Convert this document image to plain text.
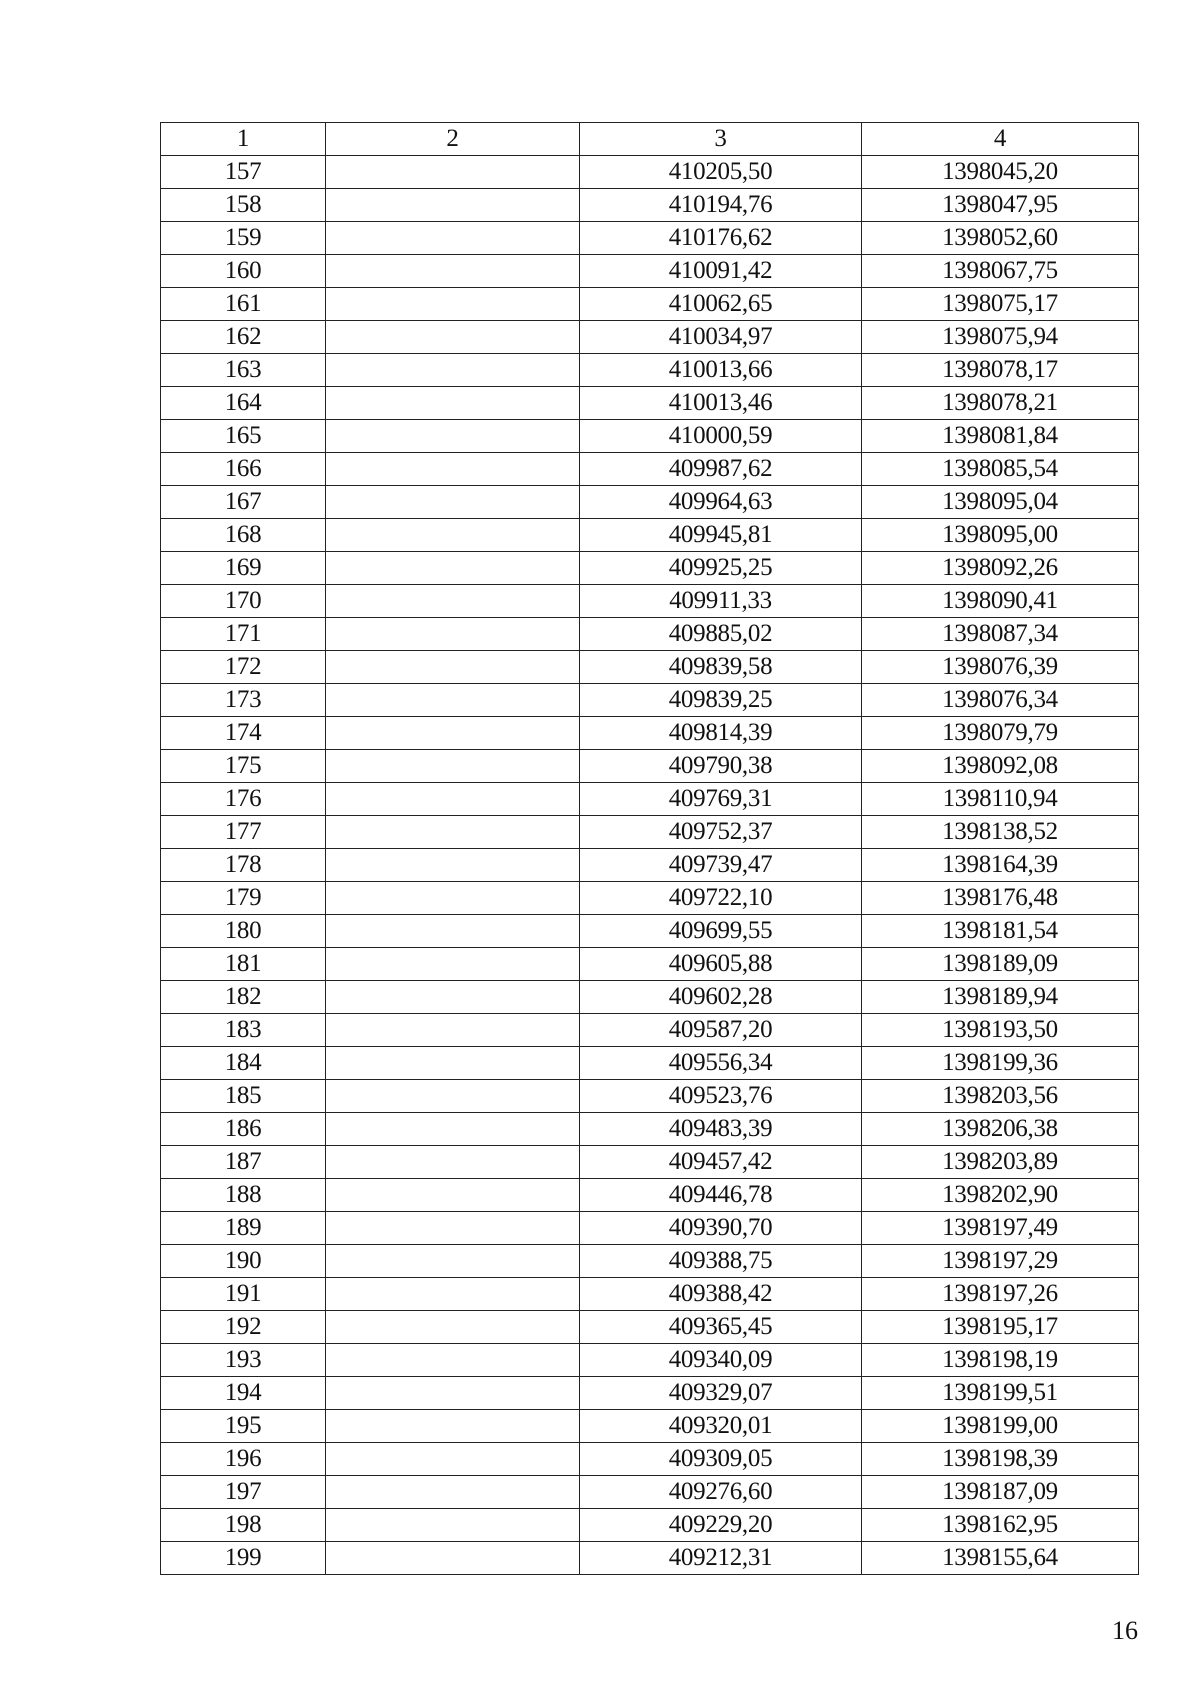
1	2	3	4
157		410205,50	1398045,20
158		410194,76	1398047,95
159		410176,62	1398052,60
160		410091,42	1398067,75
161		410062,65	1398075,17
162		410034,97	1398075,94
163		410013,66	1398078,17
164		410013,46	1398078,21
165		410000,59	1398081,84
166		409987,62	1398085,54
167		409964,63	1398095,04
168		409945,81	1398095,00
169		409925,25	1398092,26
170		409911,33	1398090,41
171		409885,02	1398087,34
172		409839,58	1398076,39
173		409839,25	1398076,34
174		409814,39	1398079,79
175		409790,38	1398092,08
176		409769,31	1398110,94
177		409752,37	1398138,52
178		409739,47	1398164,39
179		409722,10	1398176,48
180		409699,55	1398181,54
181		409605,88	1398189,09
182		409602,28	1398189,94
183		409587,20	1398193,50
184		409556,34	1398199,36
185		409523,76	1398203,56
186		409483,39	1398206,38
187		409457,42	1398203,89
188		409446,78	1398202,90
189		409390,70	1398197,49
190		409388,75	1398197,29
191		409388,42	1398197,26
192		409365,45	1398195,17
193		409340,09	1398198,19
194		409329,07	1398199,51
195		409320,01	1398199,00
196		409309,05	1398198,39
197		409276,60	1398187,09
198		409229,20	1398162,95
199		409212,31	1398155,64
16
